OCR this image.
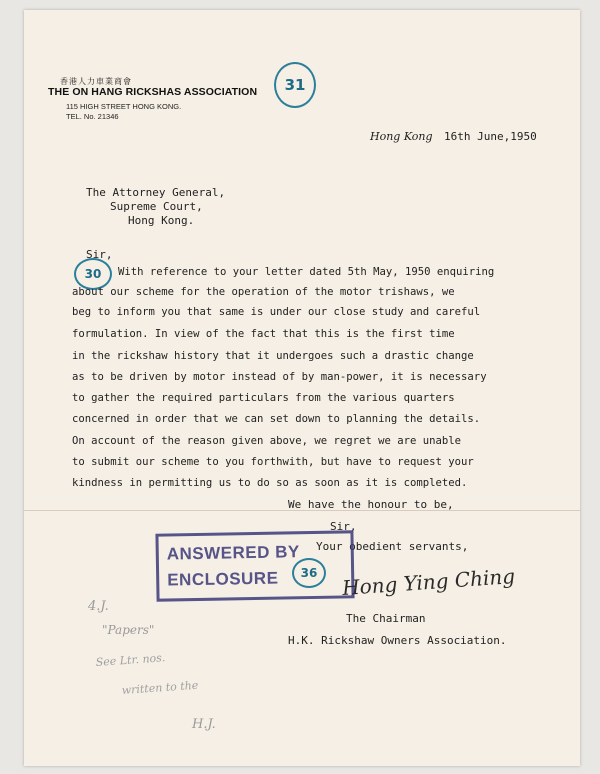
香港人力車業商會
THE ON HANG RICKSHAS ASSOCIATION
115 HIGH STREET HONG KONG.
TEL. No. 21346
31
Hong Kong 16th June,1950
The Attorney General,
Supreme Court,
Hong Kong.
Sir,
30 With reference to your letter dated 5th May, 1950 enquiring
about our scheme for the operation of the motor trishaws, we
beg to inform you that same is under our close study and careful
formulation. In view of the fact that this is the first time
in the rickshaw history that it undergoes such a drastic change
as to be driven by motor instead of by man-power, it is necessary
to gather the required particulars from the various quarters
concerned in order that we can set down to planning the details.
On account of the reason given above, we regret we are unable
to submit our scheme to you forthwith, but have to request your
kindness in permitting us to do so as soon as it is completed.
We have the honour to be,
Sir,
Your obedient servants,
ANSWERED BY
ENCLOSURE 36 Hong Ying Ching
The Chairman
H.K. Rickshaw Owners Association.
4.J.
"Papers"
See Ltr. nos.
written to the
H.J.
